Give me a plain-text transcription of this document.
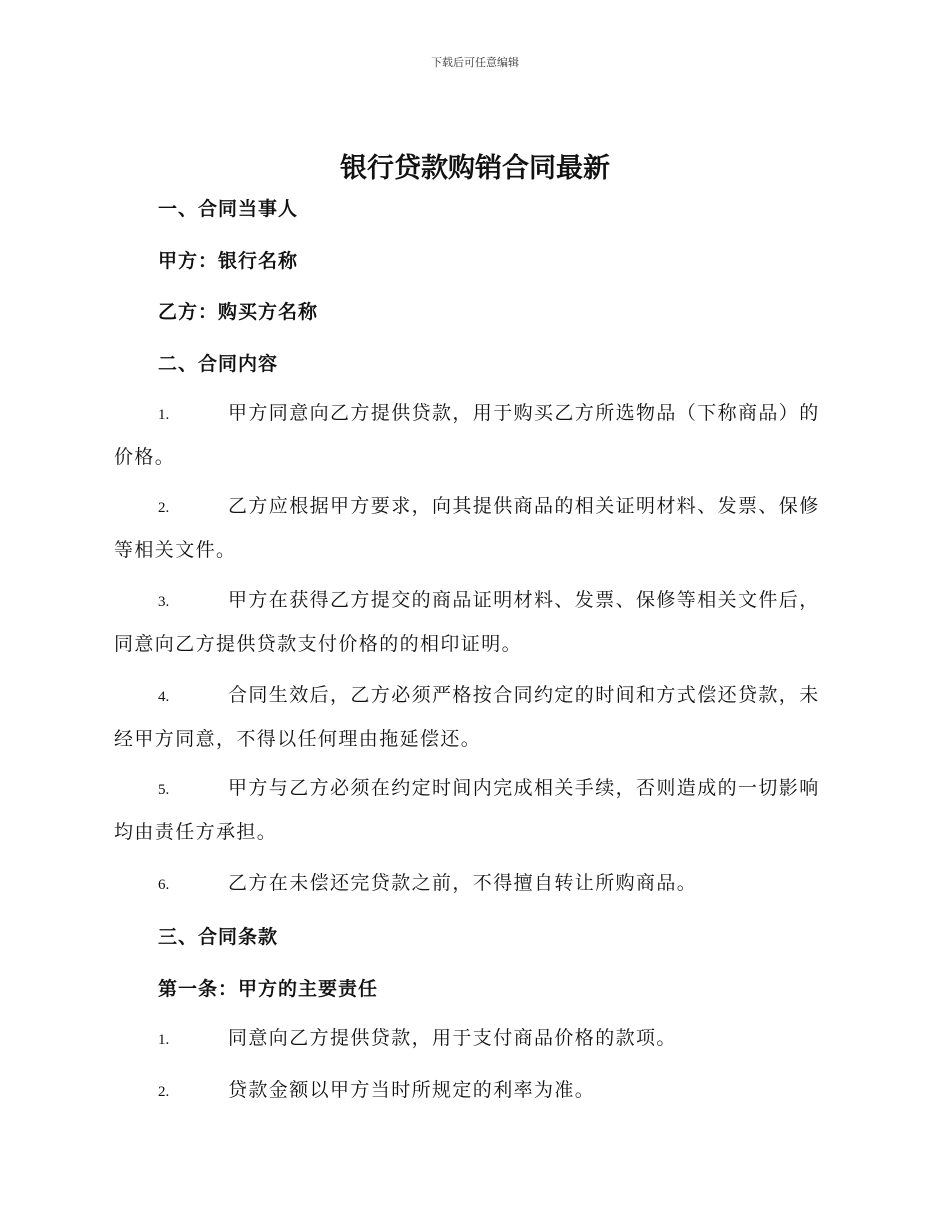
下载后可任意编辑
银行贷款购销合同最新
一、合同当事人
甲方：银行名称
乙方：购买方名称
二、合同内容
1.	甲方同意向乙方提供贷款，用于购买乙方所选物品（下称商品）的价格。
2.	乙方应根据甲方要求，向其提供商品的相关证明材料、发票、保修等相关文件。
3.	甲方在获得乙方提交的商品证明材料、发票、保修等相关文件后，同意向乙方提供贷款支付价格的的相印证明。
4.	合同生效后，乙方必须严格按合同约定的时间和方式偿还贷款，未经甲方同意，不得以任何理由拖延偿还。
5.	甲方与乙方必须在约定时间内完成相关手续，否则造成的一切影响均由责任方承担。
6.	乙方在未偿还完贷款之前，不得擅自转让所购商品。
三、合同条款
第一条：甲方的主要责任
1.	同意向乙方提供贷款，用于支付商品价格的款项。
2.	贷款金额以甲方当时所规定的利率为准。
